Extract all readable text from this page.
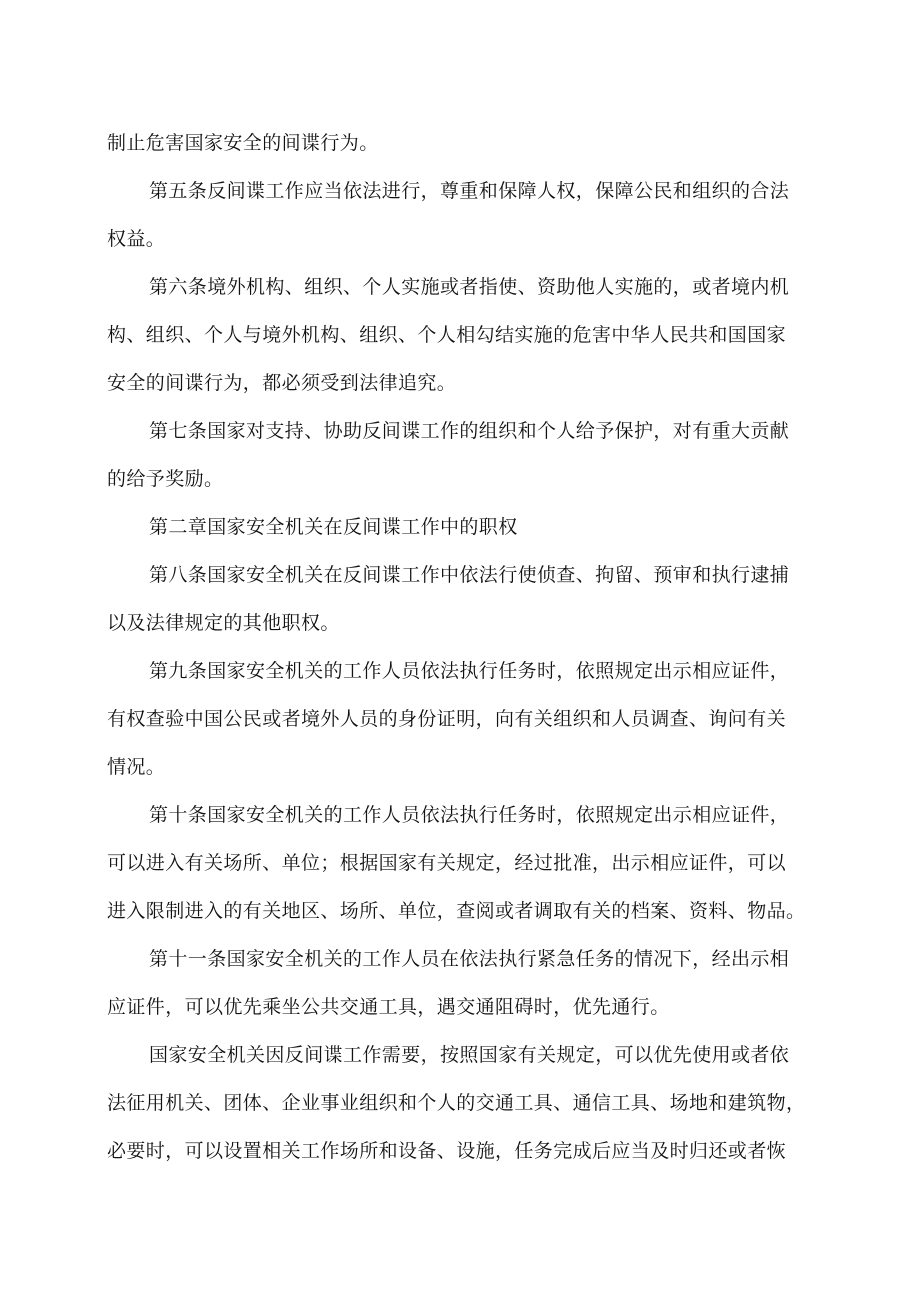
制止危害国家安全的间谍行为。
第五条反间谍工作应当依法进行，尊重和保障人权，保障公民和组织的合法
权益。
第六条境外机构、组织、个人实施或者指使、资助他人实施的，或者境内机
构、组织、个人与境外机构、组织、个人相勾结实施的危害中华人民共和国国家
安全的间谍行为，都必须受到法律追究。
第七条国家对支持、协助反间谍工作的组织和个人给予保护，对有重大贡献
的给予奖励。
第二章国家安全机关在反间谍工作中的职权
第八条国家安全机关在反间谍工作中依法行使侦查、拘留、预审和执行逮捕
以及法律规定的其他职权。
第九条国家安全机关的工作人员依法执行任务时，依照规定出示相应证件，
有权查验中国公民或者境外人员的身份证明，向有关组织和人员调查、询问有关
情况。
第十条国家安全机关的工作人员依法执行任务时，依照规定出示相应证件，
可以进入有关场所、单位；根据国家有关规定，经过批准，出示相应证件，可以
进入限制进入的有关地区、场所、单位，查阅或者调取有关的档案、资料、物品。
第十一条国家安全机关的工作人员在依法执行紧急任务的情况下，经出示相
应证件，可以优先乘坐公共交通工具，遇交通阻碍时，优先通行。
国家安全机关因反间谍工作需要，按照国家有关规定，可以优先使用或者依
法征用机关、团体、企业事业组织和个人的交通工具、通信工具、场地和建筑物，
必要时，可以设置相关工作场所和设备、设施，任务完成后应当及时归还或者恢
